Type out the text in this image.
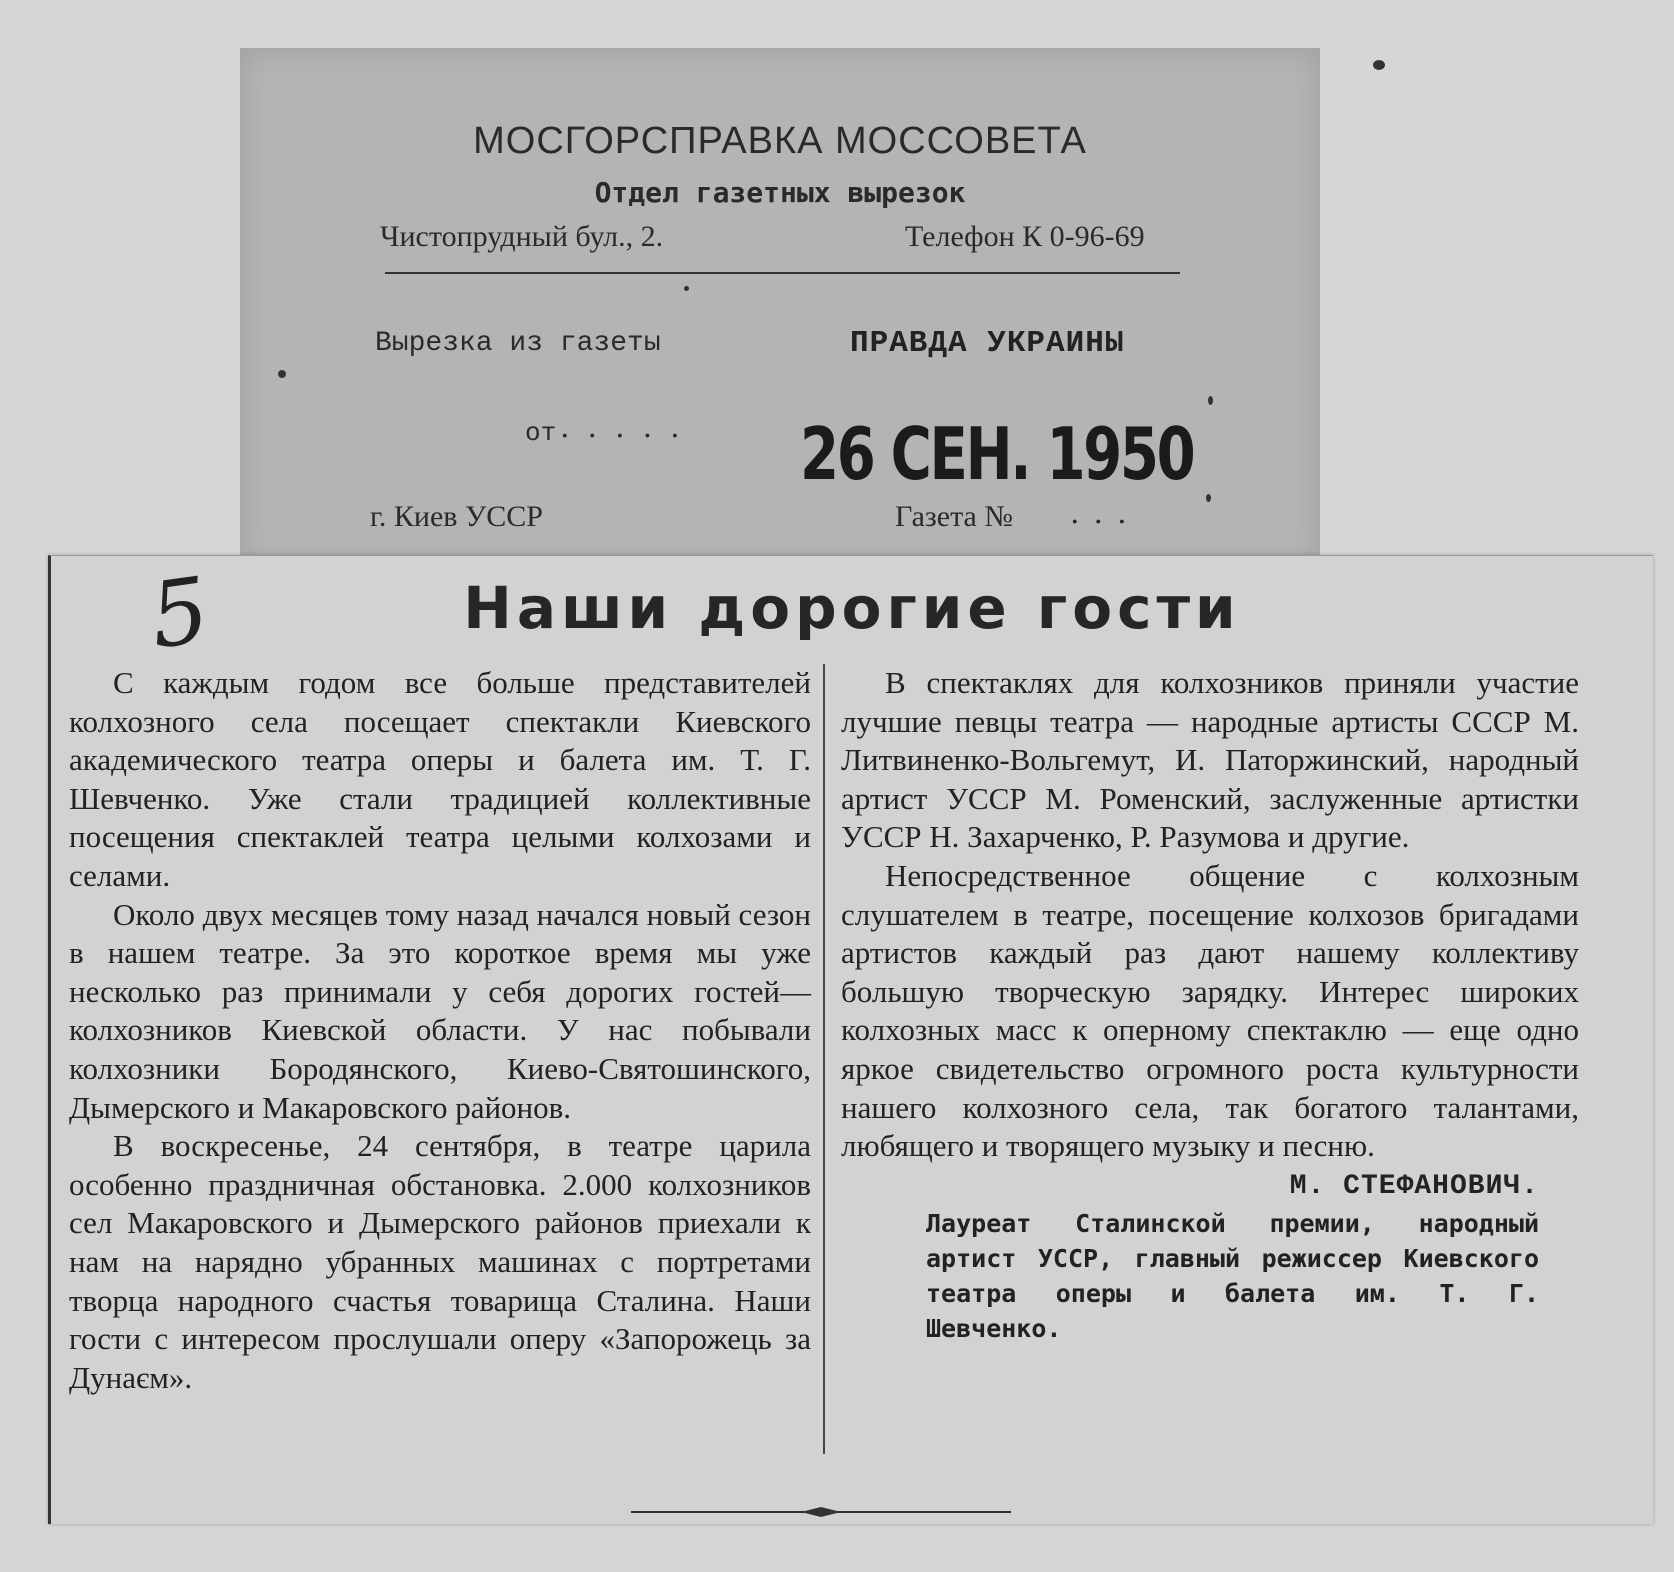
МОСГОРСПРАВКА МОССОВЕТА
Отдел газетных вырезок
Чистопрудный бул., 2.	Телефон К 0-96-69
Вырезка из газеты	ПРАВДА УКРАИНЫ
от ..... 26 СЕН. 1950
г. Киев УССР	Газета № ...
5	Наши дорогие гости

С каждым годом все больше представителей колхозного села посещает спектакли Киевского академического театра оперы и балета им. Т. Г. Шевченко. Уже стали традицией коллективные посещения спектаклей театра целыми колхозами и селами.

Около двух месяцев тому назад начался новый сезон в нашем театре. За это короткое время мы уже несколько раз принимали у себя дорогих гостей—колхозников Киевской области. У нас побывали колхозники Бородянского, Киево-Святошинского, Дымерского и Макаровского районов.

В воскресенье, 24 сентября, в театре царила особенно праздничная обстановка. 2.000 колхозников сел Макаровского и Дымерского районов приехали к нам на нарядно убранных машинах с портретами творца народного счастья товарища Сталина. Наши гости с интересом прослушали оперу «Запорожець за Дунаєм».

В спектаклях для колхозников приняли участие лучшие певцы театра — народные артисты СССР М. Литвиненко-Вольгемут, И. Паторжинский, народный артист УССР М. Роменский, заслуженные артистки УССР Н. Захарченко, Р. Разумова и другие.

Непосредственное общение с колхозным слушателем в театре, посещение колхозов бригадами артистов каждый раз дают нашему коллективу большую творческую зарядку. Интерес широких колхозных масс к оперному спектаклю — еще одно яркое свидетельство огромного роста культурности нашего колхозного села, так богатого талантами, любящего и творящего музыку и песню.

М. СТЕФАНОВИЧ.
Лауреат Сталинской премии, народный артист УССР, главный режиссер Киевского театра оперы и балета им. Т. Г. Шевченко.
